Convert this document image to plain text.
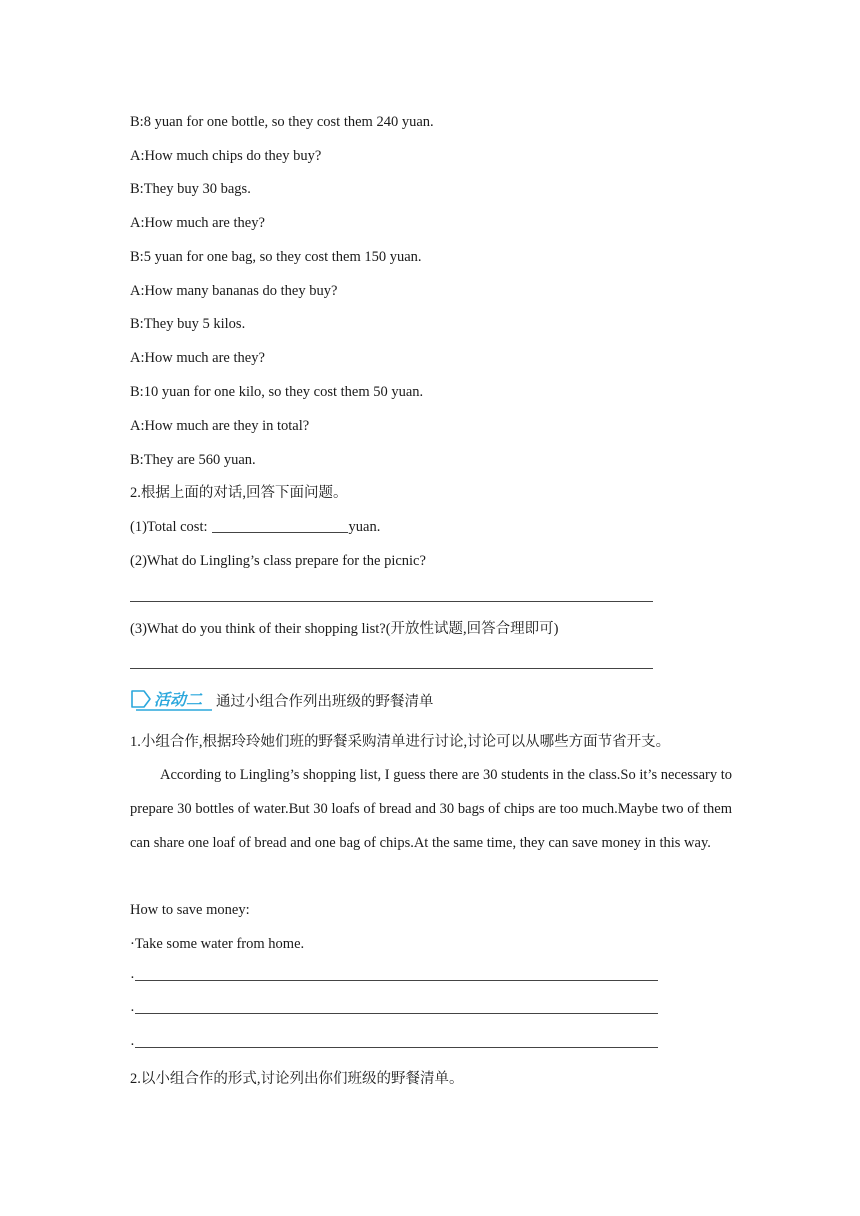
B:8 yuan for one bottle, so they cost them 240 yuan.
A:How much chips do they buy?
B:They buy 30 bags.
A:How much are they?
B:5 yuan for one bag, so they cost them 150 yuan.
A:How many bananas do they buy?
B:They buy 5 kilos.
A:How much are they?
B:10 yuan for one kilo, so they cost them 50 yuan.
A:How much are they in total?
B:They are 560 yuan.
2.根据上面的对话,回答下面问题。
(1)Total cost:	yuan.
(2)What do Lingling’s class prepare for the picnic?
(3)What do you think of their shopping list?(开放性试题,回答合理即可)
活动二 通过小组合作列出班级的野餐清单
1.小组合作,根据玲玲她们班的野餐采购清单进行讨论,讨论可以从哪些方面节省开支。
According to Lingling’s shopping list, I guess there are 30 students in the class.So it’s necessary to prepare 30 bottles of water.But 30 loafs of bread and 30 bags of chips are too much.Maybe two of them can share one loaf of bread and one bag of chips.At the same time, they can save money in this way.
How to save money:
·Take some water from home.
·
·
·
2.以小组合作的形式,讨论列出你们班级的野餐清单。
